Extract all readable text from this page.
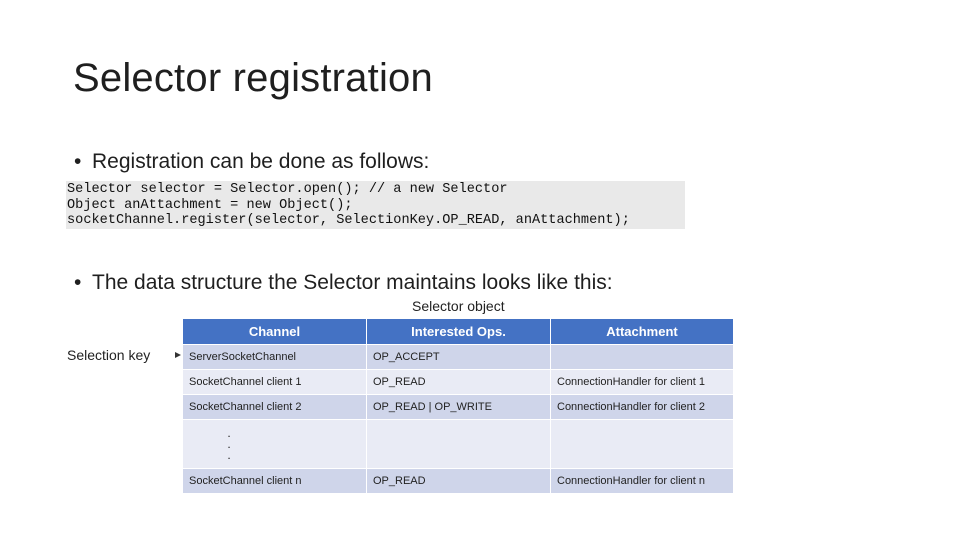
Selector registration
• Registration can be done as follows:
Selector selector = Selector.open(); // a new Selector
Object anAttachment = new Object();
socketChannel.register(selector, SelectionKey.OP_READ, anAttachment);
• The data structure the Selector maintains looks like this:
Selector object
Selection key
Channel	Interested Ops.	Attachment
ServerSocketChannel	OP_ACCEPT	
SocketChannel client 1	OP_READ	ConnectionHandler for client 1
SocketChannel client 2	OP_READ | OP_WRITE	ConnectionHandler for client 2

.
.
.		

SocketChannel client n	OP_READ	ConnectionHandler for client n
